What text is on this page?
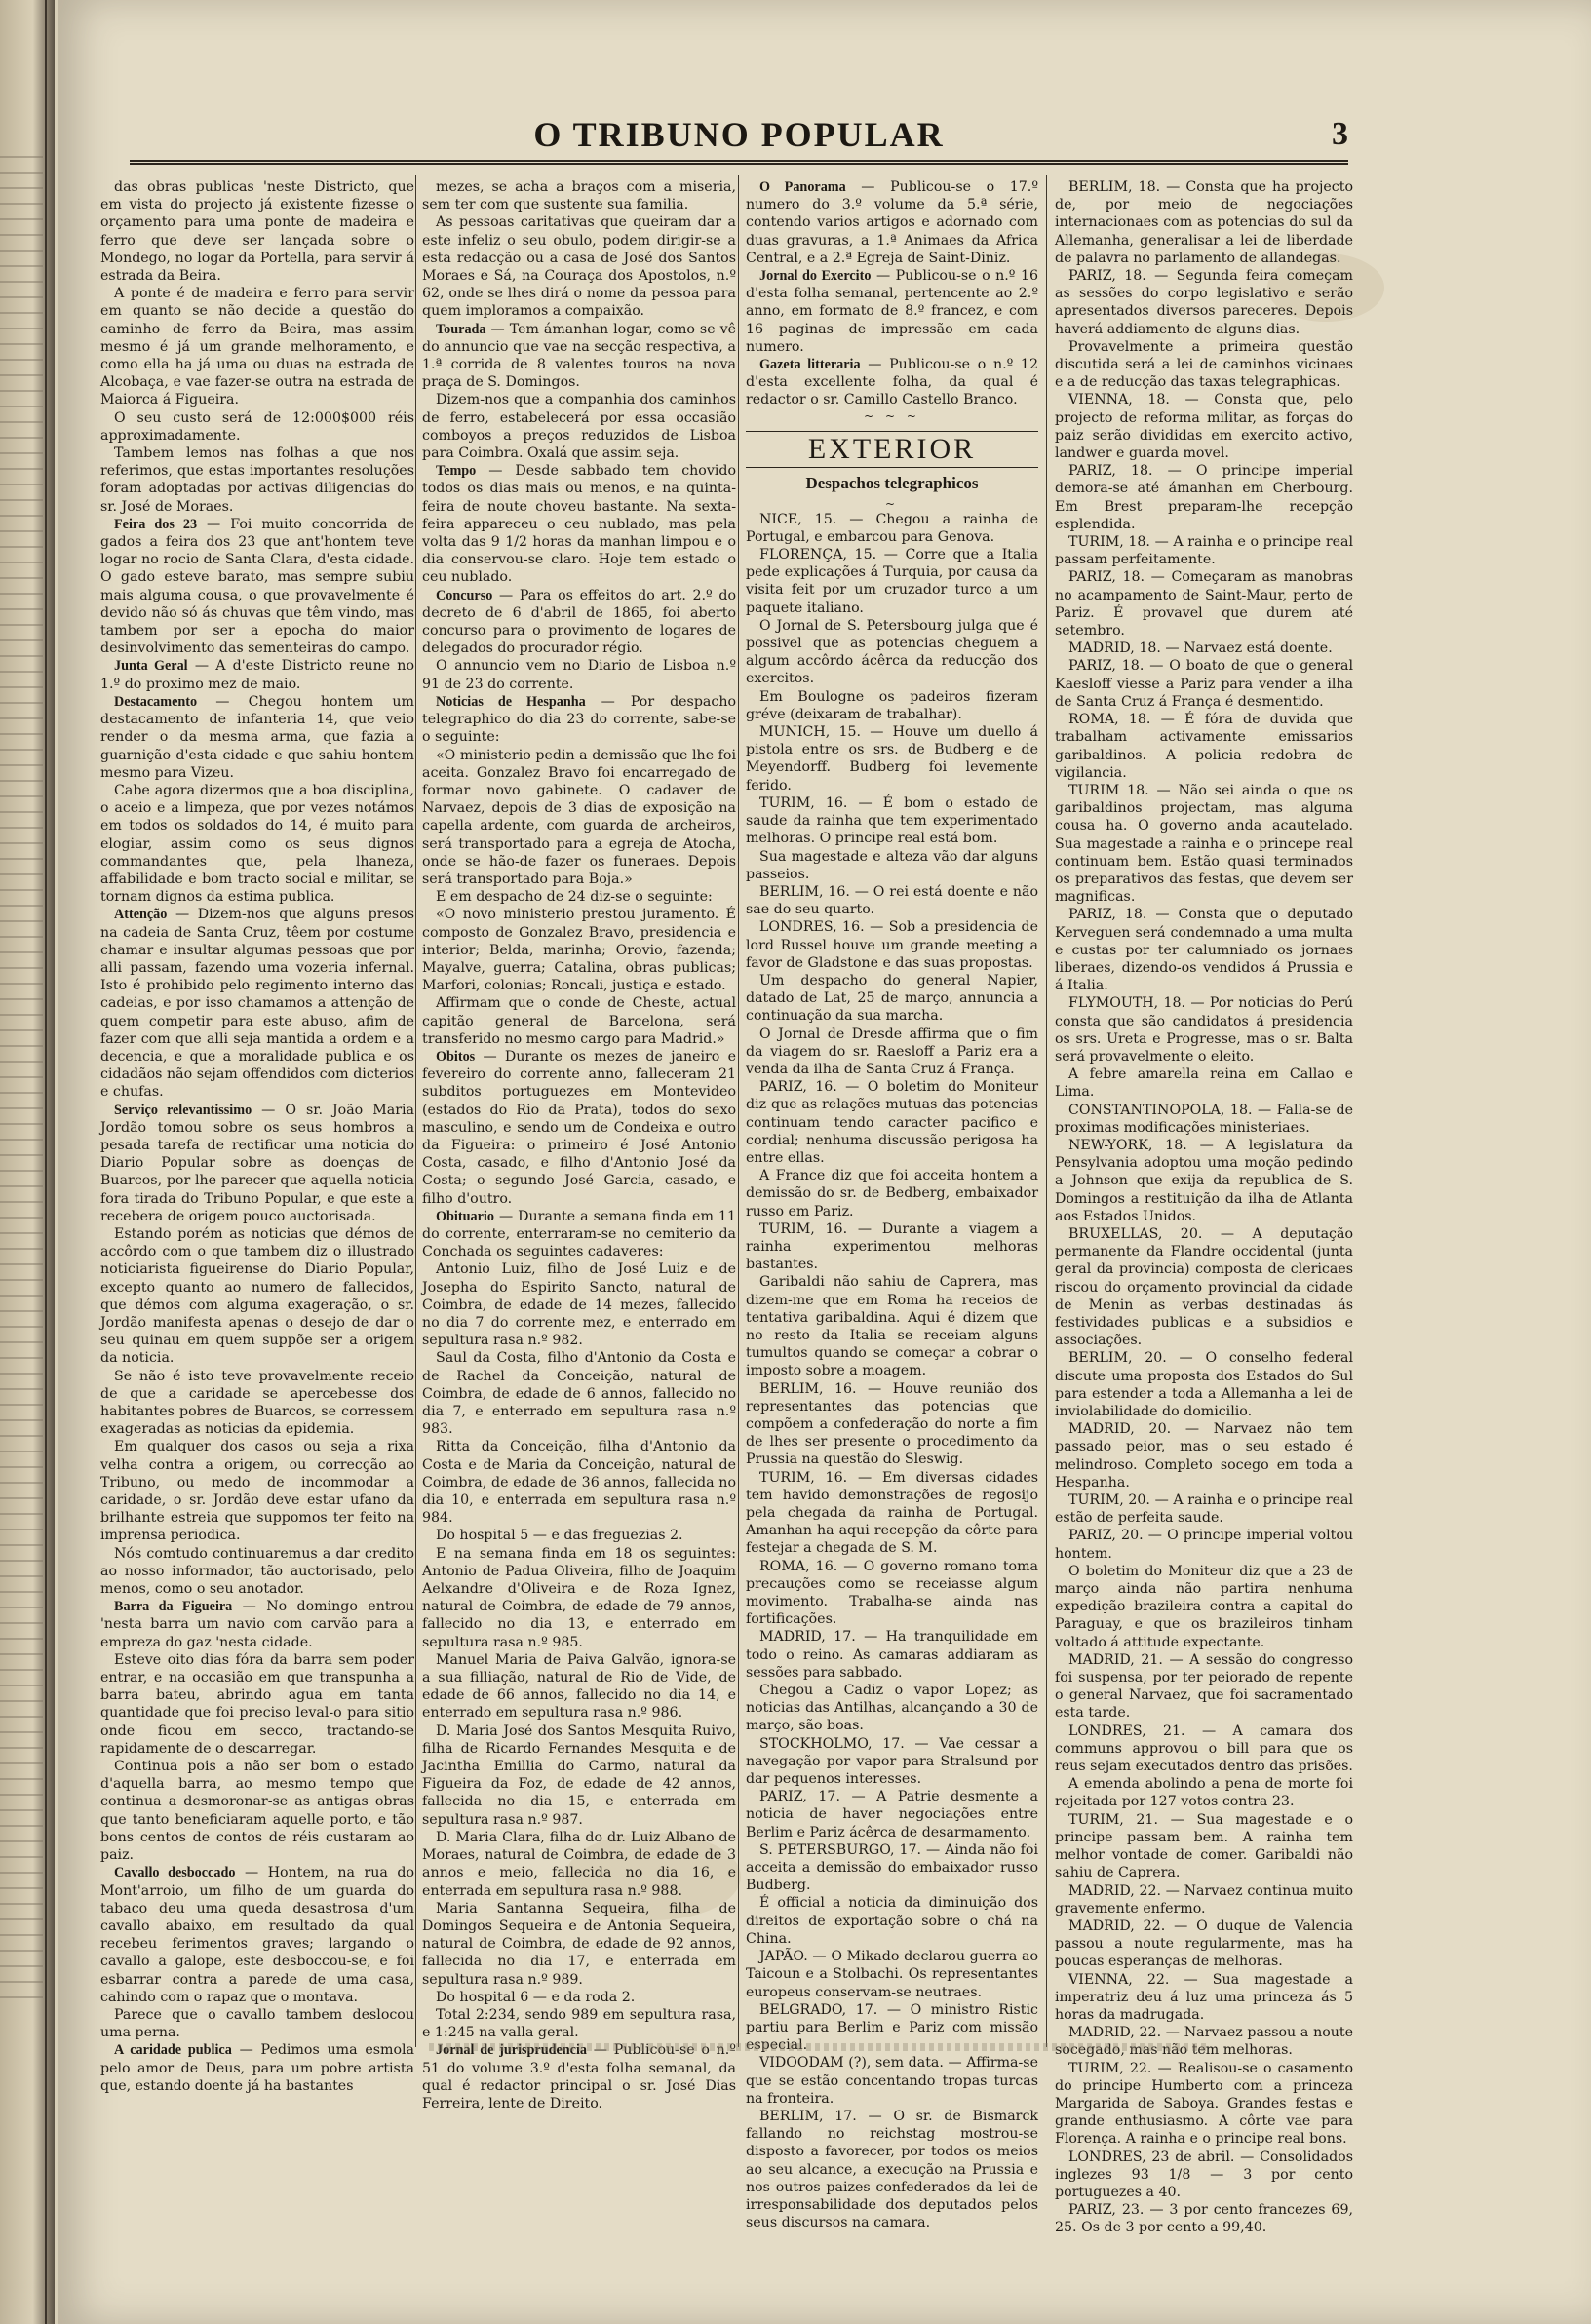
O TRIBUNO POPULAR	3

das obras publicas 'neste Districto, que em vista do projecto já existente fizesse o orçamento para uma ponte de madeira e ferro que deve ser lançada sobre o Mondego, no logar da Portella, para servir á estrada da Beira.

A ponte é de madeira e ferro para servir em quanto se não decide a questão do caminho de ferro da Beira, mas assim mesmo é já um grande melhoramento, e como ella ha já uma ou duas na estrada de Alcobaça, e vae fazer-se outra na estrada de Maiorca á Figueira.

O seu custo será de 12:000$000 réis approximadamente.

Tambem lemos nas folhas a que nos referimos, que estas importantes resoluções foram adoptadas por activas diligencias do sr. José de Moraes.

Feira dos 23 — Foi muito concorrida de gados a feira dos 23 que ant'hontem teve logar no rocio de Santa Clara, d'esta cidade. O gado esteve barato, mas sempre subiu mais alguma cousa, o que provavelmente é devido não só ás chuvas que têm vindo, mas tambem por ser a epocha do maior desinvolvimento das sementeiras do campo.

Junta Geral — A d'este Districto reune no 1.º do proximo mez de maio.

Destacamento — Chegou hontem um destacamento de infanteria 14, que veio render o da mesma arma, que fazia a guarnição d'esta cidade e que sahiu hontem mesmo para Vizeu.

Cabe agora dizermos que a boa disciplina, o aceio e a limpeza, que por vezes notámos em todos os soldados do 14, é muito para elogiar, assim como os seus dignos commandantes que, pela lhaneza, affabilidade e bom tracto social e militar, se tornam dignos da estima publica.

Attenção — Dizem-nos que alguns presos na cadeia de Santa Cruz, têem por costume chamar e insultar algumas pessoas que por alli passam, fazendo uma vozeria infernal. Isto é prohibido pelo regimento interno das cadeias, e por isso chamamos a attenção de quem competir para este abuso, afim de fazer com que alli seja mantida a ordem e a decencia, e que a moralidade publica e os cidadãos não sejam offendidos com dicterios e chufas.

Serviço relevantissimo — O sr. João Maria Jordão tomou sobre os seus hombros a pesada tarefa de rectificar uma noticia do Diario Popular sobre as doenças de Buarcos, por lhe parecer que aquella noticia fora tirada do Tribuno Popular, e que este a recebera de origem pouco auctorisada.

Estando porém as noticias que démos de accôrdo com o que tambem diz o illustrado noticiarista figueirense do Diario Popular, excepto quanto ao numero de fallecidos, que démos com alguma exageração, o sr. Jordão manifesta apenas o desejo de dar o seu quinau em quem suppõe ser a origem da noticia.

Se não é isto teve provavelmente receio de que a caridade se apercebesse dos habitantes pobres de Buarcos, se corressem exageradas as noticias da epidemia.

Em qualquer dos casos ou seja a rixa velha contra a origem, ou correcção ao Tribuno, ou medo de incommodar a caridade, o sr. Jordão deve estar ufano da brilhante estreia que suppomos ter feito na imprensa periodica.

Nós comtudo continuaremus a dar credito ao nosso informador, tão auctorisado, pelo menos, como o seu anotador.

Barra da Figueira — No domingo entrou 'nesta barra um navio com carvão para a empreza do gaz 'nesta cidade.

Esteve oito dias fóra da barra sem poder entrar, e na occasião em que transpunha a barra bateu, abrindo agua em tanta quantidade que foi preciso leval-o para sitio onde ficou em secco, tractando-se rapidamente de o descarregar.

Continua pois a não ser bom o estado d'aquella barra, ao mesmo tempo que continua a desmoronar-se as antigas obras que tanto beneficiaram aquelle porto, e tão bons centos de contos de réis custaram ao paiz.

Cavallo desboccado — Hontem, na rua do Mont'arroio, um filho de um guarda do tabaco deu uma queda desastrosa d'um cavallo abaixo, em resultado da qual recebeu ferimentos graves; largando o cavallo a galope, este desboccou-se, e foi esbarrar contra a parede de uma casa, cahindo com o rapaz que o montava.

Parece que o cavallo tambem deslocou uma perna.

A caridade publica — Pedimos uma esmola pelo amor de Deus, para um pobre artista que, estando doente já ha bastantes

mezes, se acha a braços com a miseria, sem ter com que sustente sua familia.

As pessoas caritativas que queiram dar a este infeliz o seu obulo, podem dirigir-se a esta redacção ou a casa de José dos Santos Moraes e Sá, na Couraça dos Apostolos, n.º 62, onde se lhes dirá o nome da pessoa para quem imploramos a compaixão.

Tourada — Tem ámanhan logar, como se vê do annuncio que vae na secção respectiva, a 1.ª corrida de 8 valentes touros na nova praça de S. Domingos.

Dizem-nos que a companhia dos caminhos de ferro, estabelecerá por essa occasião comboyos a preços reduzidos de Lisboa para Coimbra. Oxalá que assim seja.

Tempo — Desde sabbado tem chovido todos os dias mais ou menos, e na quinta-feira de noute choveu bastante. Na sexta-feira appareceu o ceu nublado, mas pela volta das 9 1/2 horas da manhan limpou e o dia conservou-se claro. Hoje tem estado o ceu nublado.

Concurso — Para os effeitos do art. 2.º do decreto de 6 d'abril de 1865, foi aberto concurso para o provimento de logares de delegados do procurador régio.

O annuncio vem no Diario de Lisboa n.º 91 de 23 do corrente.

Noticias de Hespanha — Por despacho telegraphico do dia 23 do corrente, sabe-se o seguinte:

«O ministerio pedin a demissão que lhe foi aceita. Gonzalez Bravo foi encarregado de formar novo gabinete. O cadaver de Narvaez, depois de 3 dias de exposição na capella ardente, com guarda de archeiros, será transportado para a egreja de Atocha, onde se hão-de fazer os funeraes. Depois será transportado para Boja.»

E em despacho de 24 diz-se o seguinte:

«O novo ministerio prestou juramento. É composto de Gonzalez Bravo, presidencia e interior; Belda, marinha; Orovio, fazenda; Mayalve, guerra; Catalina, obras publicas; Marfori, colonias; Roncali, justiça e estado.

Affirmam que o conde de Cheste, actual capitão general de Barcelona, será transferido no mesmo cargo para Madrid.»

Obitos — Durante os mezes de janeiro e fevereiro do corrente anno, falleceram 21 subditos portuguezes em Montevideo (estados do Rio da Prata), todos do sexo masculino, e sendo um de Condeixa e outro da Figueira: o primeiro é José Antonio Costa, casado, e filho d'Antonio José da Costa; o segundo José Garcia, casado, e filho d'outro.

Obituario — Durante a semana finda em 11 do corrente, enterraram-se no cemiterio da Conchada os seguintes cadaveres:

Antonio Luiz, filho de José Luiz e de Josepha do Espirito Sancto, natural de Coimbra, de edade de 14 mezes, fallecido no dia 7 do corrente mez, e enterrado em sepultura rasa n.º 982.

Saul da Costa, filho d'Antonio da Costa e de Rachel da Conceição, natural de Coimbra, de edade de 6 annos, fallecido no dia 7, e enterrado em sepultura rasa n.º 983.

Ritta da Conceição, filha d'Antonio da Costa e de Maria da Conceição, natural de Coimbra, de edade de 36 annos, fallecida no dia 10, e enterrada em sepultura rasa n.º 984.

Do hospital 5 — e das freguezias 2.

E na semana finda em 18 os seguintes: Antonio de Padua Oliveira, filho de Joaquim Aelxandre d'Oliveira e de Roza Ignez, natural de Coimbra, de edade de 79 annos, fallecido no dia 13, e enterrado em sepultura rasa n.º 985.

Manuel Maria de Paiva Galvão, ignora-se a sua filliação, natural de Rio de Vide, de edade de 66 annos, fallecido no dia 14, e enterrado em sepultura rasa n.º 986.

D. Maria José dos Santos Mesquita Ruivo, filha de Ricardo Fernandes Mesquita e de Jacintha Emillia do Carmo, natural da Figueira da Foz, de edade de 42 annos, fallecida no dia 15, e enterrada em sepultura rasa n.º 987.

D. Maria Clara, filha do dr. Luiz Albano de Moraes, natural de Coimbra, de edade de 3 annos e meio, fallecida no dia 16, e enterrada em sepultura rasa n.º 988.

Maria Santanna Sequeira, filha de Domingos Sequeira e de Antonia Sequeira, natural de Coimbra, de edade de 92 annos, fallecida no dia 17, e enterrada em sepultura rasa n.º 989.

Do hospital 6 — e da roda 2.

Total 2:234, sendo 989 em sepultura rasa, e 1:245 na valla geral.

Jornal de jurisprudencia — Publicou-se o n.º 51 do volume 3.º d'esta folha semanal, da qual é redactor principal o sr. José Dias Ferreira, lente de Direito.

O Panorama — Publicou-se o 17.º numero do 3.º volume da 5.ª série, contendo varios artigos e adornado com duas gravuras, a 1.ª Animaes da Africa Central, e a 2.ª Egreja de Saint-Diniz.

Jornal do Exercito — Publicou-se o n.º 16 d'esta folha semanal, pertencente ao 2.º anno, em formato de 8.º francez, e com 16 paginas de impressão em cada numero.

Gazeta litteraria — Publicou-se o n.º 12 d'esta excellente folha, da qual é redactor o sr. Camillo Castello Branco.

~ ~ ~
EXTERIOR
Despachos telegraphicos
~

NICE, 15. — Chegou a rainha de Portugal, e embarcou para Genova.

FLORENÇA, 15. — Corre que a Italia pede explicações á Turquia, por causa da visita feit por um cruzador turco a um paquete italiano.

O Jornal de S. Petersbourg julga que é possivel que as potencias cheguem a algum accôrdo ácêrca da reducção dos exercitos.

Em Boulogne os padeiros fizeram gréve (deixaram de trabalhar).

MUNICH, 15. — Houve um duello á pistola entre os srs. de Budberg e de Meyendorff. Budberg foi levemente ferido.

TURIM, 16. — É bom o estado de saude da rainha que tem experimentado melhoras. O principe real está bom.

Sua magestade e alteza vão dar alguns passeios.

BERLIM, 16. — O rei está doente e não sae do seu quarto.

LONDRES, 16. — Sob a presidencia de lord Russel houve um grande meeting a favor de Gladstone e das suas propostas.

Um despacho do general Napier, datado de Lat, 25 de março, annuncia a continuação da sua marcha.

O Jornal de Dresde affirma que o fim da viagem do sr. Raesloff a Pariz era a venda da ilha de Santa Cruz á França.

PARIZ, 16. — O boletim do Moniteur diz que as relações mutuas das potencias continuam tendo caracter pacifico e cordial; nenhuma discussão perigosa ha entre ellas.

A France diz que foi acceita hontem a demissão do sr. de Bedberg, embaixador russo em Pariz.

TURIM, 16. — Durante a viagem a rainha experimentou melhoras bastantes.

Garibaldi não sahiu de Caprera, mas dizem-me que em Roma ha receios de tentativa garibaldina. Aqui é dizem que no resto da Italia se receiam alguns tumultos quando se começar a cobrar o imposto sobre a moagem.

BERLIM, 16. — Houve reunião dos representantes das potencias que compõem a confederação do norte a fim de lhes ser presente o procedimento da Prussia na questão do Sleswig.

TURIM, 16. — Em diversas cidades tem havido demonstrações de regosijo pela chegada da rainha de Portugal. Amanhan ha aqui recepção da côrte para festejar a chegada de S. M.

ROMA, 16. — O governo romano toma precauções como se receiasse algum movimento. Trabalha-se ainda nas fortificações.

MADRID, 17. — Ha tranquilidade em todo o reino. As camaras addiaram as sessões para sabbado.

Chegou a Cadiz o vapor Lopez; as noticias das Antilhas, alcançando a 30 de março, são boas.

STOCKHOLMO, 17. — Vae cessar a navegação por vapor para Stralsund por dar pequenos interesses.

PARIZ, 17. — A Patrie desmente a noticia de haver negociações entre Berlim e Pariz ácêrca de desarmamento.

S. PETERSBURGO, 17. — Ainda não foi acceita a demissão do embaixador russo Budberg.

É official a noticia da diminuição dos direitos de exportação sobre o chá na China.

JAPÃO. — O Mikado declarou guerra ao Taicoun e a Stolbachi. Os representantes europeus conservam-se neutraes.

BELGRADO, 17. — O ministro Ristic partiu para Berlim e Pariz com missão especial.

VIDOODAM (?), sem data. — Affirma-se que se estão concentando tropas turcas na fronteira.

BERLIM, 17. — O sr. de Bismarck fallando no reichstag mostrou-se disposto a favorecer, por todos os meios ao seu alcance, a execução na Prussia e nos outros paizes confederados da lei de irresponsabilidade dos deputados pelos seus discursos na camara.

BERLIM, 18. — Consta que ha projecto de, por meio de negociações internacionaes com as potencias do sul da Allemanha, generalisar a lei de liberdade de palavra no parlamento de allandegas.

PARIZ, 18. — Segunda feira começam as sessões do corpo legislativo e serão apresentados diversos pareceres. Depois haverá addiamento de alguns dias.

Provavelmente a primeira questão discutida será a lei de caminhos vicinaes e a de reducção das taxas telegraphicas.

VIENNA, 18. — Consta que, pelo projecto de reforma militar, as forças do paiz serão divididas em exercito activo, landwer e guarda movel.

PARIZ, 18. — O principe imperial demora-se até ámanhan em Cherbourg. Em Brest preparam-lhe recepção esplendida.

TURIM, 18. — A rainha e o principe real passam perfeitamente.

PARIZ, 18. — Começaram as manobras no acampamento de Saint-Maur, perto de Pariz. É provavel que durem até setembro.

MADRID, 18. — Narvaez está doente.

PARIZ, 18. — O boato de que o general Kaesloff viesse a Pariz para vender a ilha de Santa Cruz á França é desmentido.

ROMA, 18. — É fóra de duvida que trabalham activamente emissarios garibaldinos. A policia redobra de vigilancia.

TURIM 18. — Não sei ainda o que os garibaldinos projectam, mas alguma cousa ha. O governo anda acautelado. Sua magestade a rainha e o princepe real continuam bem. Estão quasi terminados os preparativos das festas, que devem ser magnificas.

PARIZ, 18. — Consta que o deputado Kerveguen será condemnado a uma multa e custas por ter calumniado os jornaes liberaes, dizendo-os vendidos á Prussia e á Italia.

FLYMOUTH, 18. — Por noticias do Perú consta que são candidatos á presidencia os srs. Ureta e Progresse, mas o sr. Balta será provavelmente o eleito.

A febre amarella reina em Callao e Lima.

CONSTANTINOPOLA, 18. — Falla-se de proximas modificações ministeriaes.

NEW-YORK, 18. — A legislatura da Pensylvania adoptou uma moção pedindo a Johnson que exija da republica de S. Domingos a restituição da ilha de Atlanta aos Estados Unidos.

BRUXELLAS, 20. — A deputação permanente da Flandre occidental (junta geral da provincia) composta de clericaes riscou do orçamento provincial da cidade de Menin as verbas destinadas ás festividades publicas e a subsidios e associações.

BERLIM, 20. — O conselho federal discute uma proposta dos Estados do Sul para estender a toda a Allemanha a lei de inviolabilidade do domicilio.

MADRID, 20. — Narvaez não tem passado peior, mas o seu estado é melindroso. Completo socego em toda a Hespanha.

TURIM, 20. — A rainha e o principe real estão de perfeita saude.

PARIZ, 20. — O principe imperial voltou hontem.

O boletim do Moniteur diz que a 23 de março ainda não partira nenhuma expedição brazileira contra a capital do Paraguay, e que os brazileiros tinham voltado á attitude expectante.

MADRID, 21. — A sessão do congresso foi suspensa, por ter peiorado de repente o general Narvaez, que foi sacramentado esta tarde.

LONDRES, 21. — A camara dos communs approvou o bill para que os reus sejam executados dentro das prisões.

A emenda abolindo a pena de morte foi rejeitada por 127 votos contra 23.

TURIM, 21. — Sua magestade e o principe passam bem. A rainha tem melhor vontade de comer. Garibaldi não sahiu de Caprera.

MADRID, 22. — Narvaez continua muito gravemente enfermo.

MADRID, 22. — O duque de Valencia passou a noute regularmente, mas ha poucas esperanças de melhoras.

VIENNA, 22. — Sua magestade a imperatriz deu á luz uma princeza ás 5 horas da madrugada.

MADRID, 22. — Narvaez passou a noute socegado, mas não tem melhoras.

TURIM, 22. — Realisou-se o casamento do principe Humberto com a princeza Margarida de Saboya. Grandes festas e grande enthusiasmo. A côrte vae para Florença. A rainha e o principe real bons.

LONDRES, 23 de abril. — Consolidados inglezes 93 1/8 — 3 por cento portuguezes a 40.

PARIZ, 23. — 3 por cento francezes 69, 25. Os de 3 por cento a 99,40.
